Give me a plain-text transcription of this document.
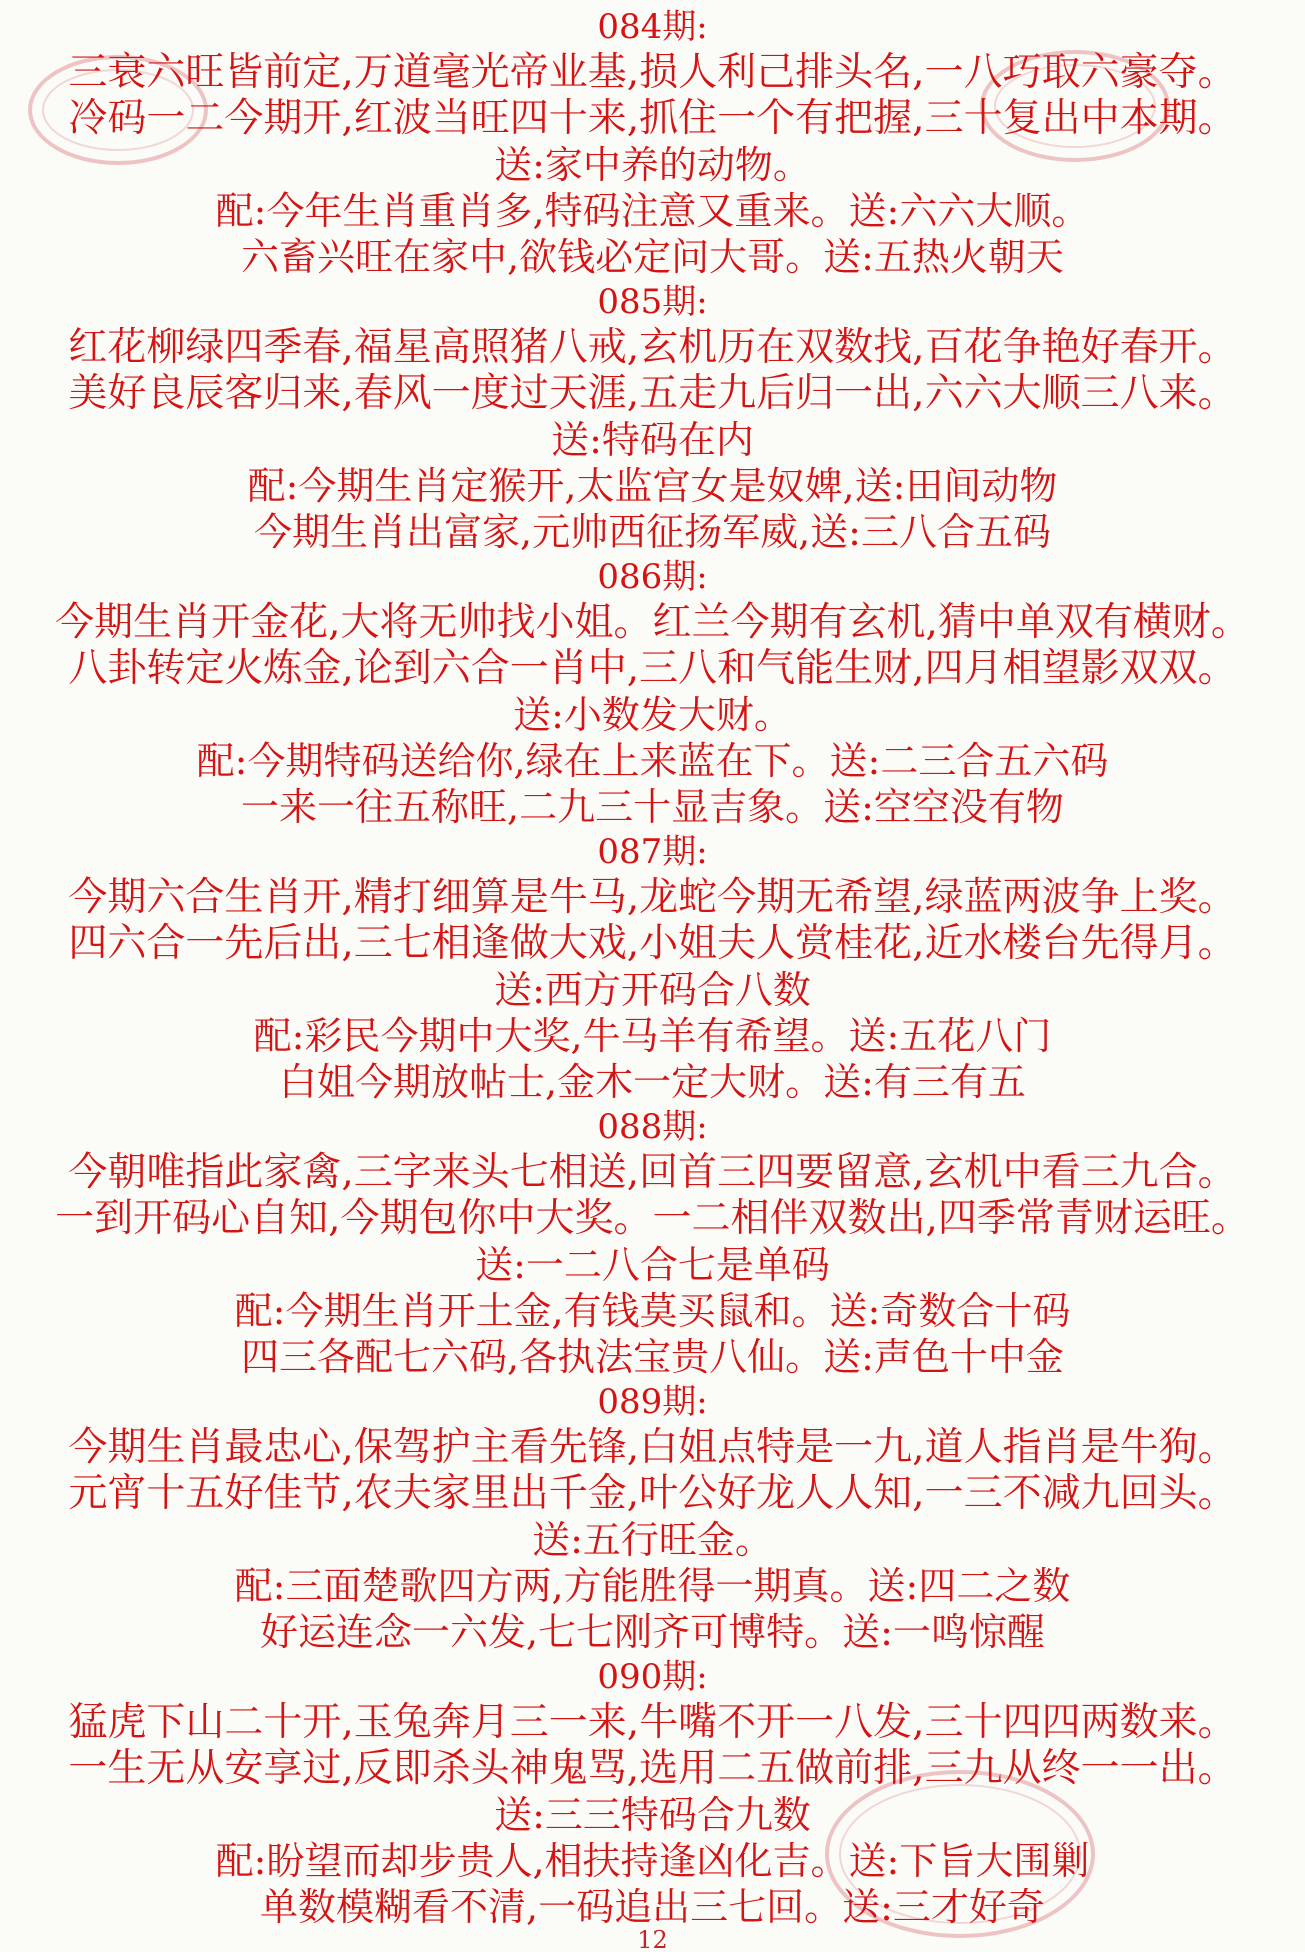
084期:
三衰六旺皆前定,万道毫光帝业基,损人利己排头名,一八巧取六豪夺。
冷码一二今期开,红波当旺四十来,抓住一个有把握,三十复出中本期。
送:家中养的动物。
配:今年生肖重肖多,特码注意又重来。送:六六大顺。
六畜兴旺在家中,欲钱必定问大哥。送:五热火朝天
085期:
红花柳绿四季春,福星高照猪八戒,玄机历在双数找,百花争艳好春开。
美好良辰客归来,春风一度过天涯,五走九后归一出,六六大顺三八来。
送:特码在内
配:今期生肖定猴开,太监宫女是奴婢,送:田间动物
今期生肖出富家,元帅西征扬军威,送:三八合五码
086期:
今期生肖开金花,大将无帅找小姐。红兰今期有玄机,猜中单双有横财。
八卦转定火炼金,论到六合一肖中,三八和气能生财,四月相望影双双。
送:小数发大财。
配:今期特码送给你,绿在上来蓝在下。送:二三合五六码
一来一往五称旺,二九三十显吉象。送:空空没有物
087期:
今期六合生肖开,精打细算是牛马,龙蛇今期无希望,绿蓝两波争上奖。
四六合一先后出,三七相逢做大戏,小姐夫人赏桂花,近水楼台先得月。
送:西方开码合八数
配:彩民今期中大奖,牛马羊有希望。送:五花八门
白姐今期放帖士,金木一定大财。送:有三有五
088期:
今朝唯指此家禽,三字来头七相送,回首三四要留意,玄机中看三九合。
一到开码心自知,今期包你中大奖。一二相伴双数出,四季常青财运旺。
送:一二八合七是单码
配:今期生肖开土金,有钱莫买鼠和。送:奇数合十码
四三各配七六码,各执法宝贵八仙。送:声色十中金
089期:
今期生肖最忠心,保驾护主看先锋,白姐点特是一九,道人指肖是牛狗。
元宵十五好佳节,农夫家里出千金,叶公好龙人人知,一三不减九回头。
送:五行旺金。
配:三面楚歌四方两,方能胜得一期真。送:四二之数
好运连念一六发,七七刚齐可博特。送:一鸣惊醒
090期:
猛虎下山二十开,玉兔奔月三一来,牛嘴不开一八发,三十四四两数来。
一生无从安享过,反即杀头神鬼骂,选用二五做前排,三九从终一一出。
送:三三特码合九数
配:盼望而却步贵人,相扶持逢凶化吉。送:下旨大围剿
单数模糊看不清,一码追出三七回。送:三才好奇
12
